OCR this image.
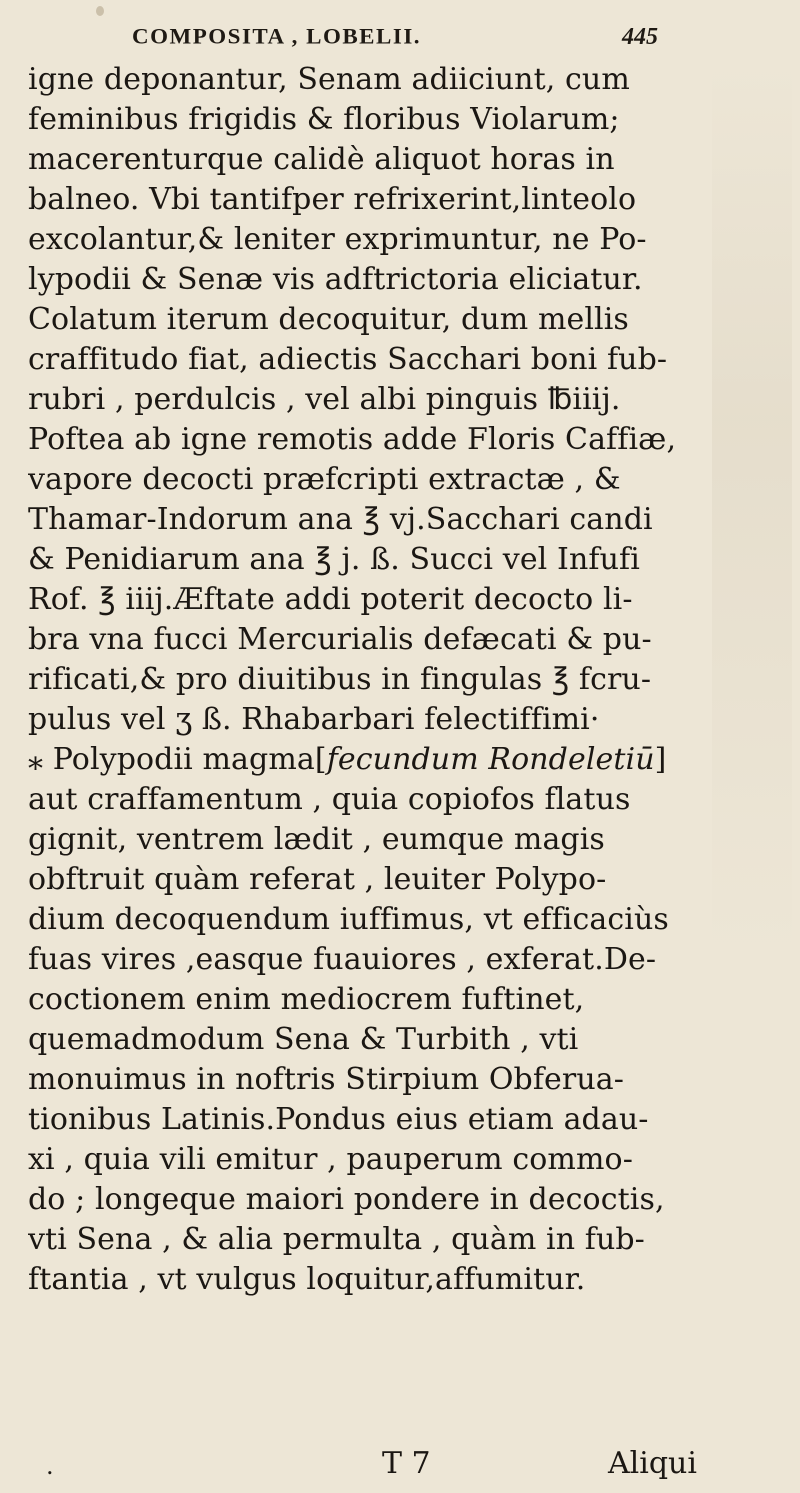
COMPOSITA , LOBELII.	445
igne deponantur, Senam adiiciunt, cum
feminibus frigidis & floribus Violarum;
macerenturque calidè aliquot horas in
balneo. Vbi tantifper refrixerint,linteolo
excolantur,& leniter exprimuntur, ne Po-
lypodii & Senæ vis adftrictoria eliciatur.
Colatum iterum decoquitur, dum mellis
craffitudo fiat, adiectis Sacchari boni fub-
rubri , perdulcis , vel albi pinguis ℔iiij.
Poftea ab igne remotis adde Floris Caffiæ,
vapore decocti præfcripti extractæ , &
Thamar-Indorum ana ℥ vj.Sacchari candi
& Penidiarum ana ℥ j. ß. Succi vel Infufi
Rof. ℥ iiij.Æftate addi poterit decocto li-
bra vna fucci Mercurialis defæcati & pu-
rificati,& pro diuitibus in fingulas ℥ fcru-
pulus vel ʒ ß. Rhabarbari felectiffimi·
⁎ Polypodii magma[fecundum Rondeletiū]
aut craffamentum , quia copiofos flatus
gignit, ventrem lædit , eumque magis
obftruit quàm referat , leuiter Polypo-
dium decoquendum iuffimus, vt efficaciùs
fuas vires ,easque fuauiores , exferat.De-
coctionem enim mediocrem fuftinet,
quemadmodum Sena & Turbith , vti
monuimus in noftris Stirpium Obferua-
tionibus Latinis.Pondus eius etiam adau-
xi , quia vili emitur , pauperum commo-
do ; longeque maiori pondere in decoctis,
vti Sena , & alia permulta , quàm in fub-
ftantia , vt vulgus loquitur,affumitur.
.	T 7	Aliqui
